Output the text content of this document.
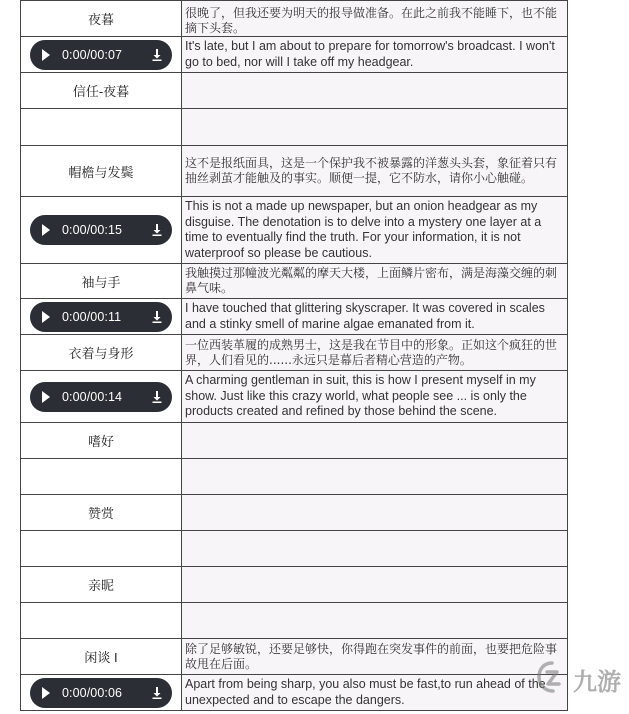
夜暮	很晚了，但我还要为明天的报导做准备。在此之前我不能睡下，也不能摘下头套。

0:00/00:07	It's late, but I am about to prepare for tomorrow's broadcast. I won't go to bed, nor will I take off my headgear.
信任-夜暮	

帽檐与发鬓	这不是报纸面具，这是一个保护我不被暴露的洋葱头头套，象征着只有抽丝剥茧才能触及的事实。顺便一提，它不防水，请你小心触碰。

0:00/00:15	This is not a made up newspaper, but an onion headgear as my disguise. The denotation is to delve into a mystery one layer at a time to eventually find the truth. For your information, it is not waterproof so please be cautious.
袖与手	我触摸过那幢波光粼粼的摩天大楼，上面鳞片密布，满是海藻交缠的刺鼻气味。

0:00/00:11	I have touched that glittering skyscraper. It was covered in scales and a stinky smell of marine algae emanated from it.
衣着与身形	一位西装革履的成熟男士，这是我在节目中的形象。正如这个疯狂的世界，人们看见的......永远只是幕后者精心营造的产物。

0:00/00:14	A charming gentleman in suit, this is how I present myself in my show. Just like this crazy world, what people see ... is only the products created and refined by those behind the scene.
嗜好	

赞赏	

亲昵	

闲谈 I	除了足够敏锐，还要足够快，你得跑在突发事件的前面，也要把危险事故甩在后面。

0:00/00:06	Apart from being sharp, you also must be fast,to run ahead of the unexpected and to escape the dangers.
九游
